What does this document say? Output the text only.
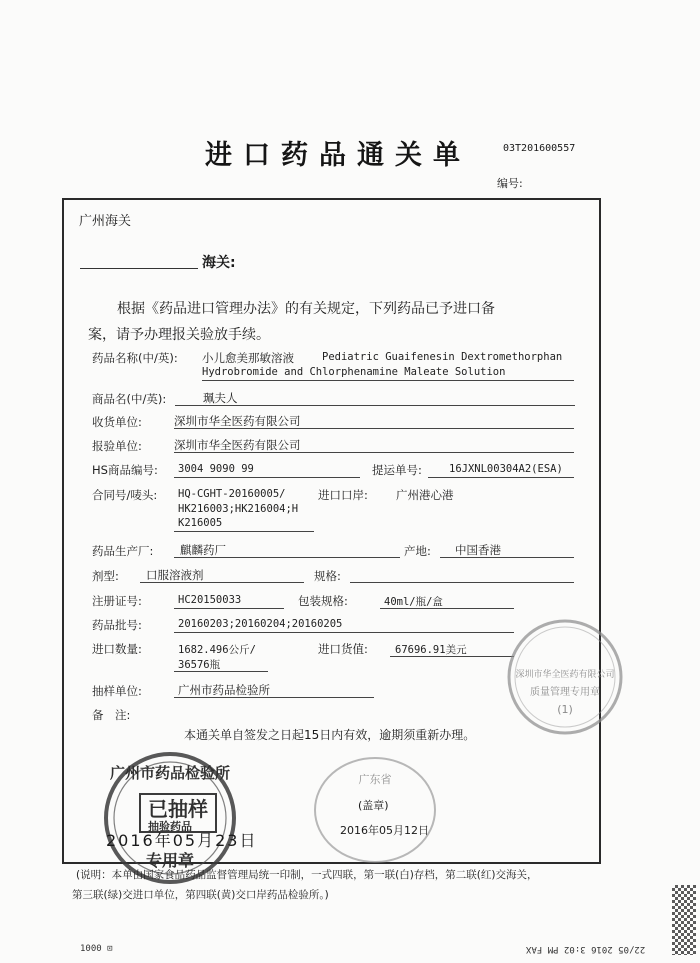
进口药品通关单	03T201600557
编号:
广州海关
海关:
根据《药品进口管理办法》的有关规定，下列药品已予进口备
案，请予办理报关验放手续。
药品名称(中/英): 小儿愈美那敏溶液	Pediatric Guaifenesin Dextromethorphan
Hydrobromide and Chlorphenamine Maleate Solution
商品名(中/英):	珮夫人
收货单位:	深圳市华全医药有限公司
报验单位:	深圳市华全医药有限公司
HS商品编号: 3004 9090 99	提运单号:	16JXNL00304A2(ESA)
合同号/唛头: HQ-CGHT-20160005/
HK216003;HK216004;H
K216005
进口口岸: 广州港心港
药品生产厂: 麒麟药厂	产地: 中国香港
剂型: 口服溶液剂	规格:
注册证号:	HC20150033	包装规格:	40ml/瓶/盒
药品批号:	20160203;20160204;20160205
进口数量:	1682.496公斤/
36576瓶
进口货值:	67696.91美元
抽样单位:	广州市药品检验所
备　注:
本通关单自签发之日起15日内有效，逾期须重新办理。
深圳市华全医药有限公司
质量管理专用章
(1)
广东省
(盖章)
2016年05月12日
广州市药品检验所
已抽样
抽验药品
专用章
2016年05月23日
(说明：本单由国家食品药品监督管理局统一印制，一式四联，第一联(白)存档，第二联(红)交海关，
第三联(绿)交进口单位，第四联(黄)交口岸药品检验所。)
1000 ⊡	22/05 2016 3:02 PM FAX
